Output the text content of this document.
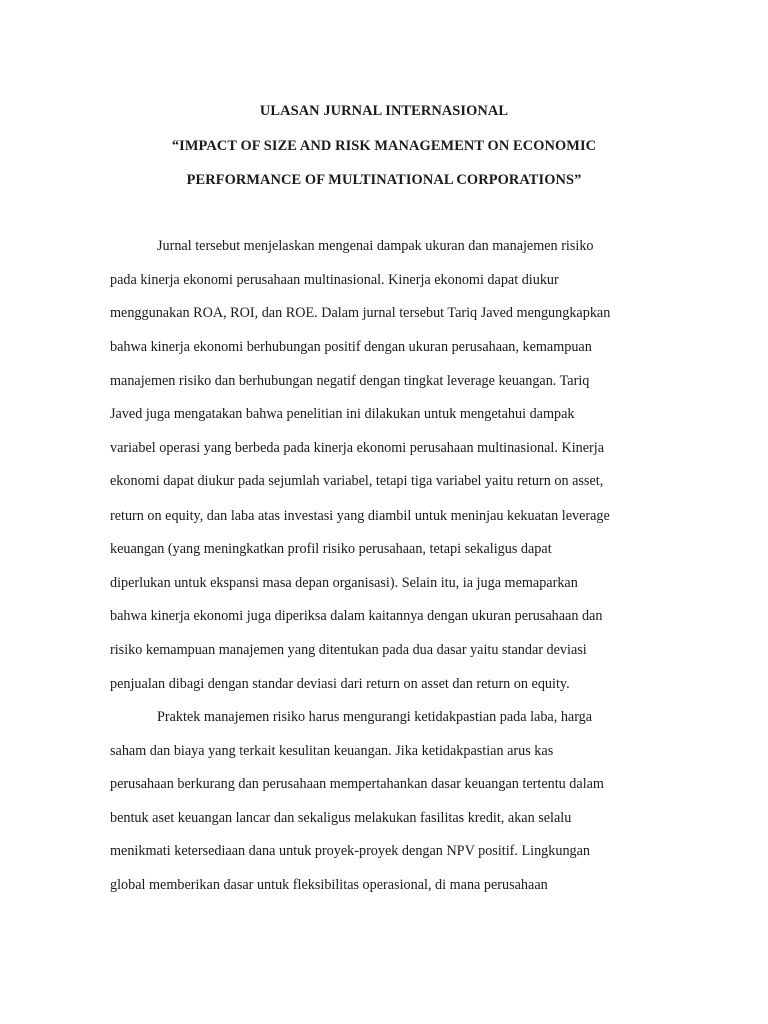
ULASAN JURNAL INTERNASIONAL
“IMPACT OF SIZE AND RISK MANAGEMENT ON ECONOMIC
PERFORMANCE OF MULTINATIONAL CORPORATIONS”
Jurnal tersebut menjelaskan mengenai dampak ukuran dan manajemen risiko
pada kinerja ekonomi perusahaan multinasional. Kinerja ekonomi dapat diukur
menggunakan ROA, ROI, dan ROE. Dalam jurnal tersebut Tariq Javed mengungkapkan
bahwa kinerja ekonomi berhubungan positif dengan ukuran perusahaan, kemampuan
manajemen risiko dan berhubungan negatif dengan tingkat leverage keuangan. Tariq
Javed juga mengatakan bahwa penelitian ini dilakukan untuk mengetahui dampak
variabel operasi yang berbeda pada kinerja ekonomi perusahaan multinasional. Kinerja
ekonomi dapat diukur pada sejumlah variabel, tetapi tiga variabel yaitu return on asset,
return on equity, dan laba atas investasi yang diambil untuk meninjau kekuatan leverage
keuangan (yang meningkatkan profil risiko perusahaan, tetapi sekaligus dapat
diperlukan untuk ekspansi masa depan organisasi). Selain itu, ia juga memaparkan
bahwa kinerja ekonomi juga diperiksa dalam kaitannya dengan ukuran perusahaan dan
risiko kemampuan manajemen yang ditentukan pada dua dasar yaitu standar deviasi
penjualan dibagi dengan standar deviasi dari return on asset dan return on equity.
Praktek manajemen risiko harus mengurangi ketidakpastian pada laba, harga
saham dan biaya yang terkait kesulitan keuangan. Jika ketidakpastian arus kas
perusahaan berkurang dan perusahaan mempertahankan dasar keuangan tertentu dalam
bentuk aset keuangan lancar dan sekaligus melakukan fasilitas kredit, akan selalu
menikmati ketersediaan dana untuk proyek-proyek dengan NPV positif. Lingkungan
global memberikan dasar untuk fleksibilitas operasional, di mana perusahaan
